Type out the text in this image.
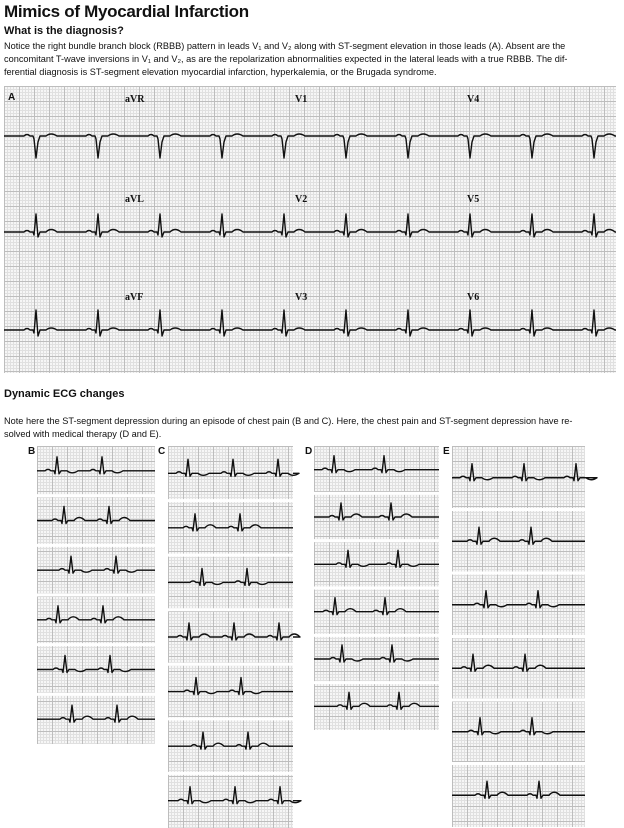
Mimics of Myocardial Infarction
What is the diagnosis?
Notice the right bundle branch block (RBBB) pattern in leads V₁ and V₂ along with ST-segment elevation in those leads (A). Absent are the
concomitant T-wave inversions in V₁ and V₂, as are the repolarization abnormalities expected in the lateral leads with a true RBBB. The dif-
ferential diagnosis is ST-segment elevation myocardial infarction, hyperkalemia, or the Brugada syndrome.
A	aVR	V1	V4
aVL	V2	V5
aVF	V3	V6
Dynamic ECG changes
Note here the ST-segment depression during an episode of chest pain (B and C). Here, the chest pain and ST-segment depression have re-
solved with medical therapy (D and E).
B	C	D	E
